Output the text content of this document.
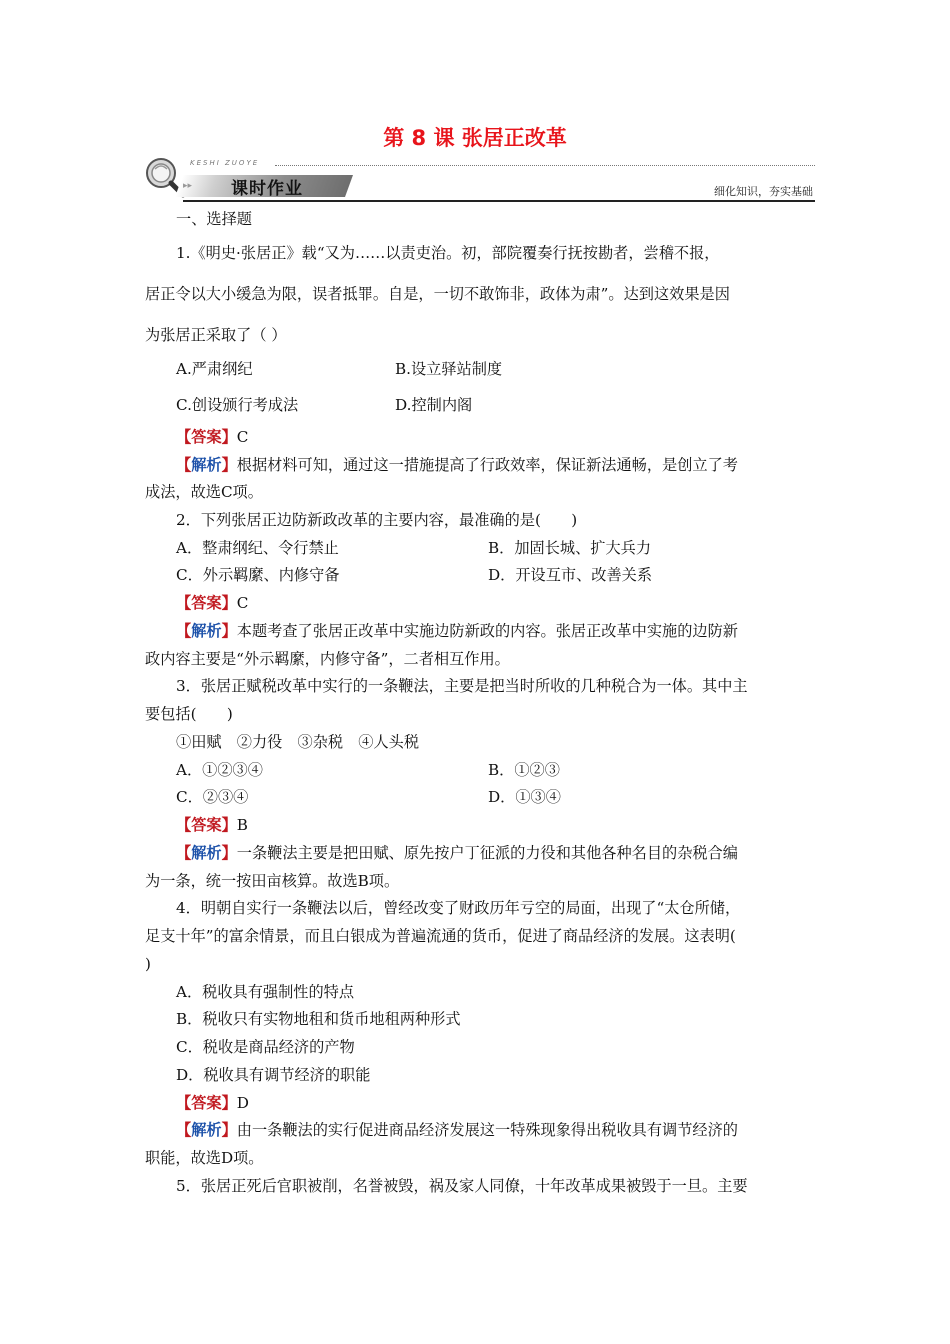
第 8 课 张居正改革
KESHI ZUOYE
▸▸ 课时作业	细化知识，夯实基础
一、选择题
1.《明史·张居正》载“又为……以责吏治。初，部院覆奏行抚按勘者，尝稽不报，
居正令以大小缓急为限，误者抵罪。自是，一切不敢饰非，政体为肃”。达到这效果是因
为张居正采取了（ ）
A.严肃纲纪	B.设立驿站制度
C.创设颁行考成法	D.控制内阁
【答案】C
【解析】根据材料可知，通过这一措施提高了行政效率，保证新法通畅，是创立了考
成法，故选C项。
2．下列张居正边防新政改革的主要内容，最准确的是(　　)
A．整肃纲纪、令行禁止	B．加固长城、扩大兵力
C．外示羁縻、内修守备	D．开设互市、改善关系
【答案】C
【解析】本题考查了张居正改革中实施边防新政的内容。张居正改革中实施的边防新
政内容主要是“外示羁縻，内修守备”，二者相互作用。
3．张居正赋税改革中实行的一条鞭法，主要是把当时所收的几种税合为一体。其中主
要包括(　　)
①田赋　②力役　③杂税　④人头税
A．①②③④	B．①②③
C．②③④	D．①③④
【答案】B
【解析】一条鞭法主要是把田赋、原先按户丁征派的力役和其他各种名目的杂税合编
为一条，统一按田亩核算。故选B项。
4．明朝自实行一条鞭法以后，曾经改变了财政历年亏空的局面，出现了“太仓所储，
足支十年”的富余情景，而且白银成为普遍流通的货币，促进了商品经济的发展。这表明(
)
A．税收具有强制性的特点
B．税收只有实物地租和货币地租两种形式
C．税收是商品经济的产物
D．税收具有调节经济的职能
【答案】D
【解析】由一条鞭法的实行促进商品经济发展这一特殊现象得出税收具有调节经济的
职能，故选D项。
5．张居正死后官职被削，名誉被毁，祸及家人同僚，十年改革成果被毁于一旦。主要
